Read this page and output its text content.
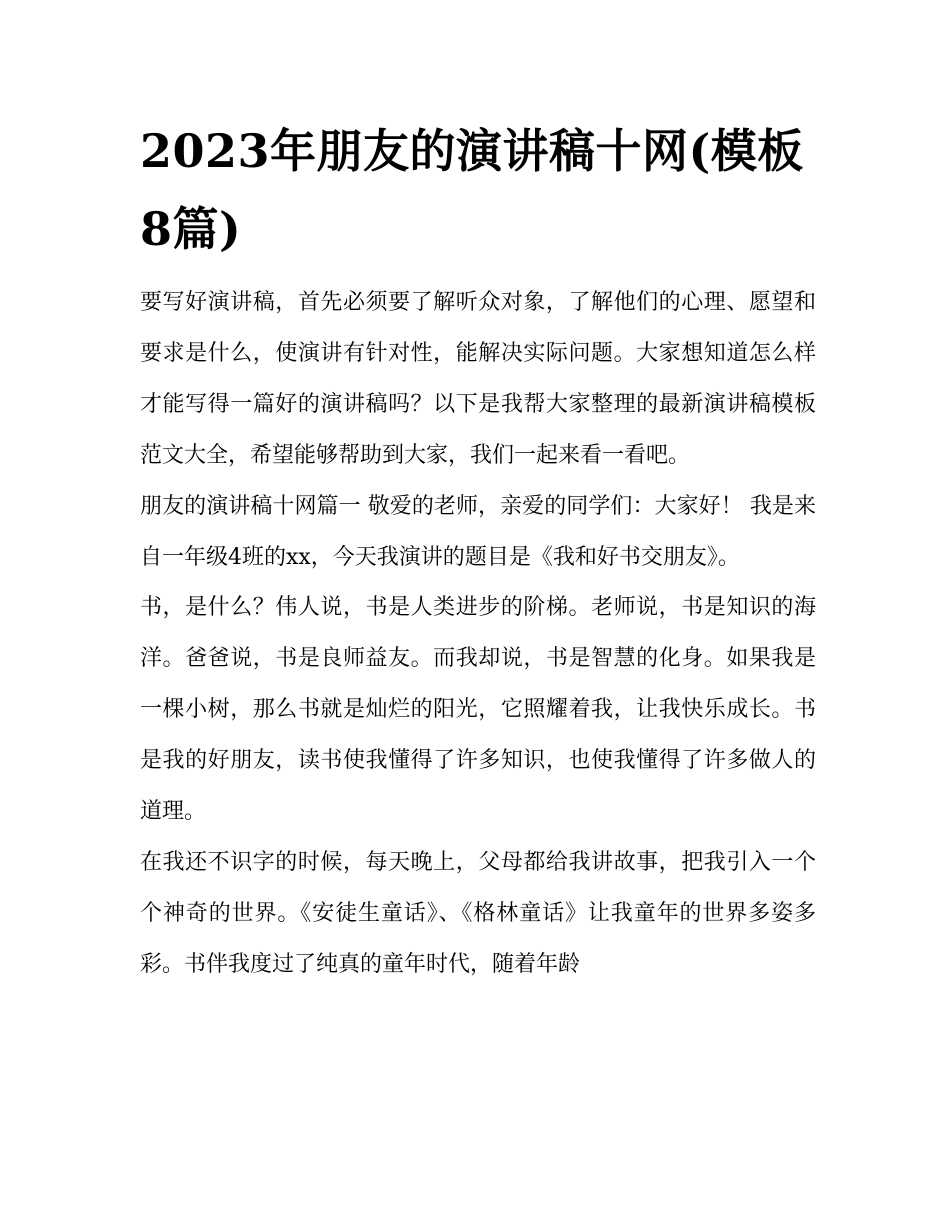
2023年朋友的演讲稿十网(模板8篇)

要写好演讲稿，首先必须要了解听众对象，了解他们的心理、愿望和要求是什么，使演讲有针对性，能解决实际问题。大家想知道怎么样才能写得一篇好的演讲稿吗？以下是我帮大家整理的最新演讲稿模板范文大全，希望能够帮助到大家，我们一起来看一看吧。

朋友的演讲稿十网篇一 敬爱的老师，亲爱的同学们：大家好！ 我是来自一年级4班的xx，今天我演讲的题目是《我和好书交朋友》。

书，是什么？伟人说，书是人类进步的阶梯。老师说，书是知识的海洋。爸爸说，书是良师益友。而我却说，书是智慧的化身。如果我是一棵小树，那么书就是灿烂的阳光，它照耀着我，让我快乐成长。书是我的好朋友，读书使我懂得了许多知识，也使我懂得了许多做人的道理。

在我还不识字的时候，每天晚上，父母都给我讲故事，把我引入一个个神奇的世界。《安徒生童话》、《格林童话》让我童年的世界多姿多彩。书伴我度过了纯真的童年时代，随着年龄
